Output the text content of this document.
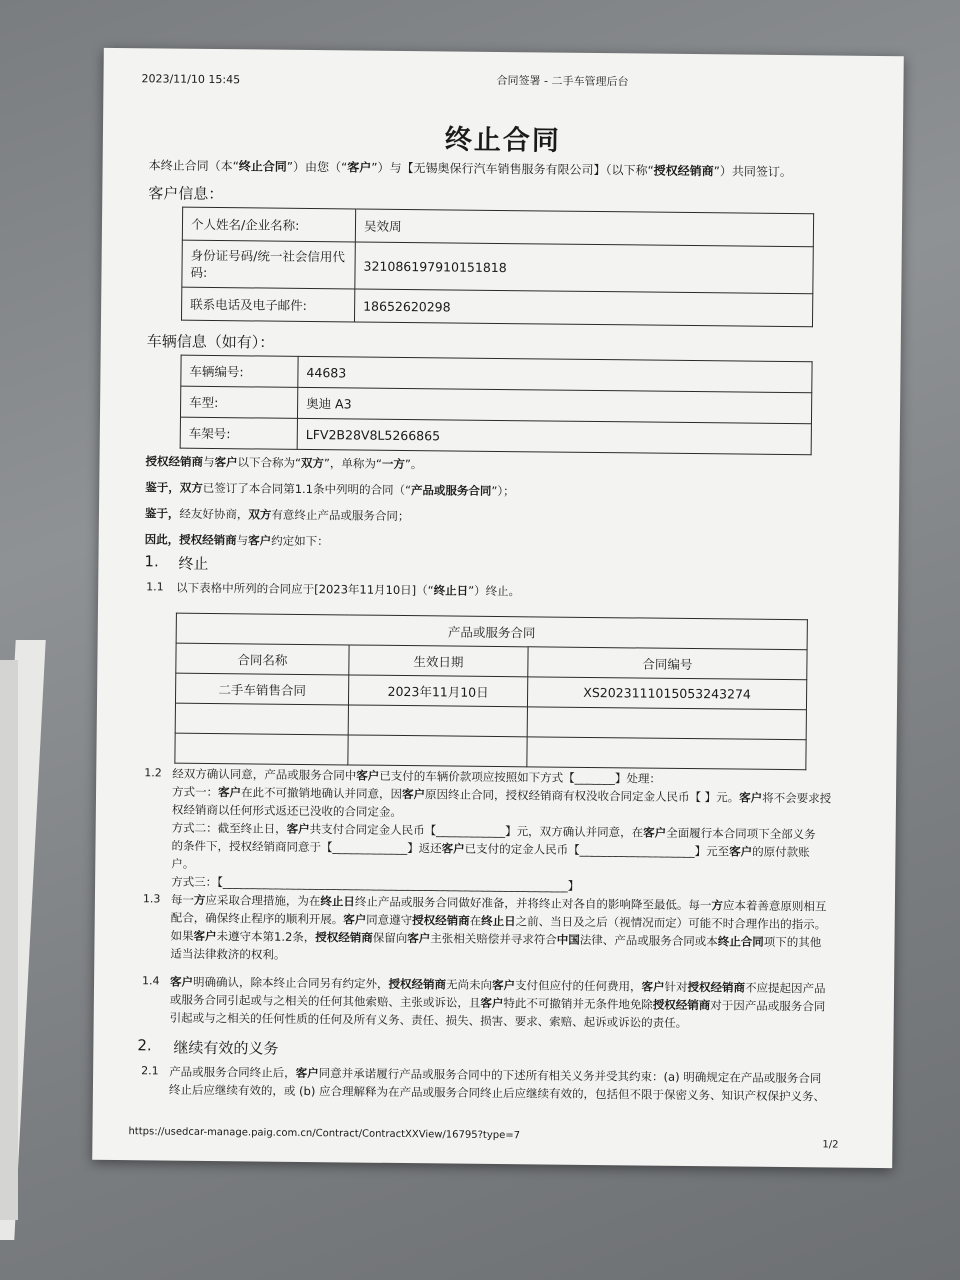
2023/11/10 15:45	合同签署 - 二手车管理后台
终止合同
本终止合同（本“终止合同”）由您（“客户”）与【无锡奥保行汽车销售服务有限公司】（以下称“授权经销商”）共同签订。
客户信息：
个人姓名/企业名称:	吴效周
身份证号码/统一社会信用代码:	321086197910151818
联系电话及电子邮件:	18652620298
车辆信息（如有）：
车辆编号:	44683
车型:	奥迪 A3
车架号:	LFV2B28V8L5266865
授权经销商与客户以下合称为“双方”，单称为“一方”。
鉴于，双方已签订了本合同第1.1条中列明的合同（“产品或服务合同”）；
鉴于，经友好协商，双方有意终止产品或服务合同；
因此，授权经销商与客户约定如下：
1. 终止
1.1 以下表格中所列的合同应于[2023年11月10日]（“终止日”）终止。
产品或服务合同		
合同名称	生效日期	合同编号
二手车销售合同	2023年11月10日	XS2023111015053243274

1.2 经双方确认同意，产品或服务合同中客户已支付的车辆价款项应按照如下方式【_______】处理：
方式一：客户在此不可撤销地确认并同意，因客户原因终止合同，授权经销商有权没收合同定金人民币【 】元。客户将不会要求授
权经销商以任何形式返还已没收的合同定金。
方式二：截至终止日，客户共支付合同定金人民币【____________】元，双方确认并同意，在客户全面履行本合同项下全部义务
的条件下，授权经销商同意于【_____________】返还客户已支付的定金人民币【____________________】元至客户的原付款账
户。
方式三：【____________________________________________________________】
1.3 每一方应采取合理措施，为在终止日终止产品或服务合同做好准备，并将终止对各自的影响降至最低。每一方应本着善意原则相互
配合，确保终止程序的顺利开展。客户同意遵守授权经销商在终止日之前、当日及之后（视情况而定）可能不时合理作出的指示。
如果客户未遵守本第1.2条，授权经销商保留向客户主张相关赔偿并寻求符合中国法律、产品或服务合同或本终止合同项下的其他
适当法律救济的权利。
1.4 客户明确确认，除本终止合同另有约定外，授权经销商无尚未向客户支付但应付的任何费用，客户针对授权经销商不应提起因产品
或服务合同引起或与之相关的任何其他索赔、主张或诉讼，且客户特此不可撤销并无条件地免除授权经销商对于因产品或服务合同
引起或与之相关的任何性质的任何及所有义务、责任、损失、损害、要求、索赔、起诉或诉讼的责任。
2. 继续有效的义务
2.1 产品或服务合同终止后，客户同意并承诺履行产品或服务合同中的下述所有相关义务并受其约束：(a) 明确规定在产品或服务合同
终止后应继续有效的，或 (b) 应合理解释为在产品或服务合同终止后应继续有效的，包括但不限于保密义务、知识产权保护义务、
https://usedcar-manage.paig.com.cn/Contract/ContractXXView/16795?type=7
1/2
